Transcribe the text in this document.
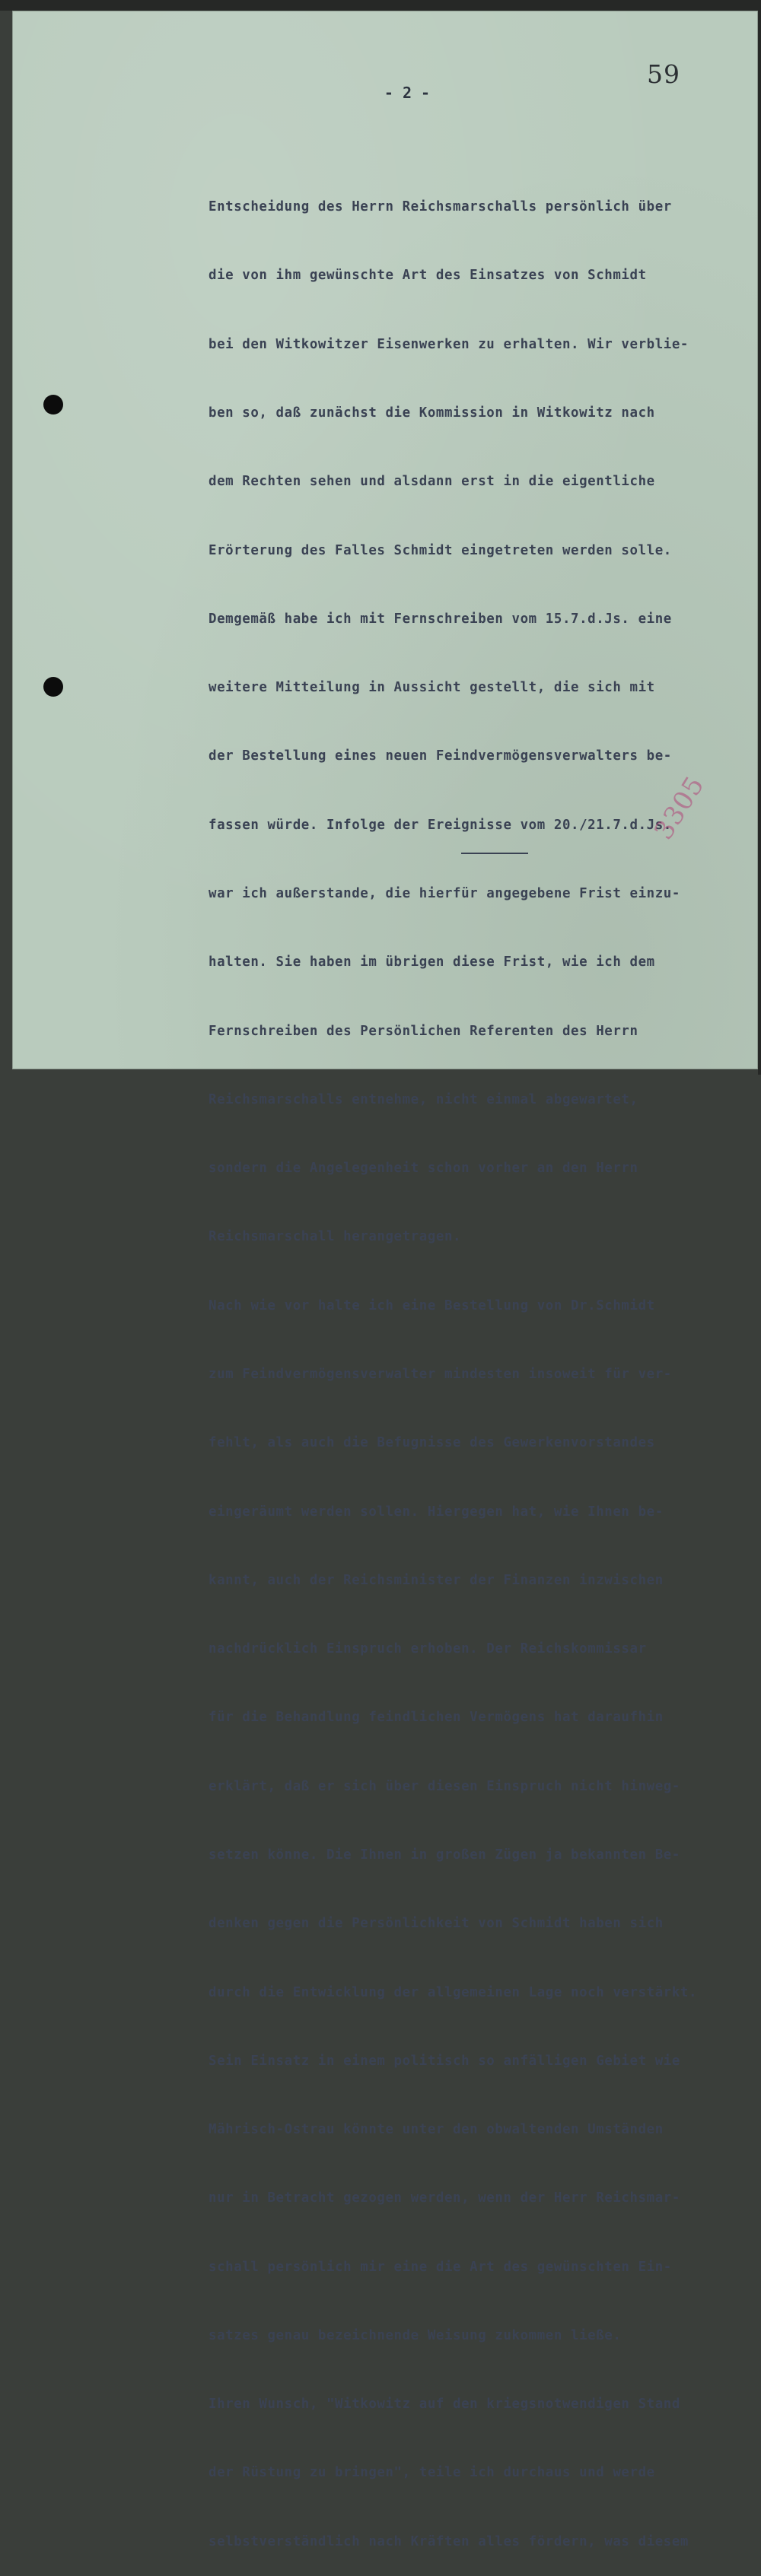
59
- 2 -

Entscheidung des Herrn Reichsmarschalls persönlich über

die von ihm gewünschte Art des Einsatzes von Schmidt

bei den Witkowitzer Eisenwerken zu erhalten. Wir verblie-

ben so, daß zunächst die Kommission in Witkowitz nach

dem Rechten sehen und alsdann erst in die eigentliche

Erörterung des Falles Schmidt eingetreten werden solle.

Demgemäß habe ich mit Fernschreiben vom 15.7.d.Js. eine

weitere Mitteilung in Aussicht gestellt, die sich mit

der Bestellung eines neuen Feindvermögensverwalters be-

fassen würde. Infolge der Ereignisse vom 20./21.7.d.Js.

war ich außerstande, die hierfür angegebene Frist einzu-

halten. Sie haben im übrigen diese Frist, wie ich dem

Fernschreiben des Persönlichen Referenten des Herrn

Reichsmarschalls entnehme, nicht einmal abgewartet,

sondern die Angelegenheit schon vorher an den Herrn

Reichsmarschall herangetragen.

Nach wie vor halte ich eine Bestellung von Dr.Schmidt

zum Feindvermögensverwalter mindesten insoweit für ver-

fehlt, als auch die Befugnisse des Gewerkenvorstandes

eingeräumt werden sollen. Hiergegen hat, wie Ihnen be-

kannt, auch der Reichsminister der Finanzen inzwischen

nachdrücklich Einspruch erhoben. Der Reichskommissar

für die Behandlung feindlichen Vermögens hat daraufhin

erklärt, daß er sich über diesen Einspruch nicht hinweg-

setzen könne. Die Ihnen in großen Zügen ja bekannten Be-

denken gegen die Persönlichkeit von Schmidt haben sich

durch die Entwicklung der allgemeinen Lage noch verstärkt.

Sein Einsatz in einem politisch so anfälligen Gebiet wie

Mährisch-Ostrau könnte unter den obwaltenden Umständen

nur in Betracht gezogen werden, wenn der Herr Reichsmar-

schall persönlich mir eine die Art des gewünschten Ein-

satzes genau bezeichnende Weisung zukommen ließe.

Ihren Wunsch, "Witkowitz auf den kriegsnotwendigen Stand

der Rüstung zu bringen", teile ich durchaus und werde

selbstverständlich nach Kräften alles fördern, was diesem

3305
